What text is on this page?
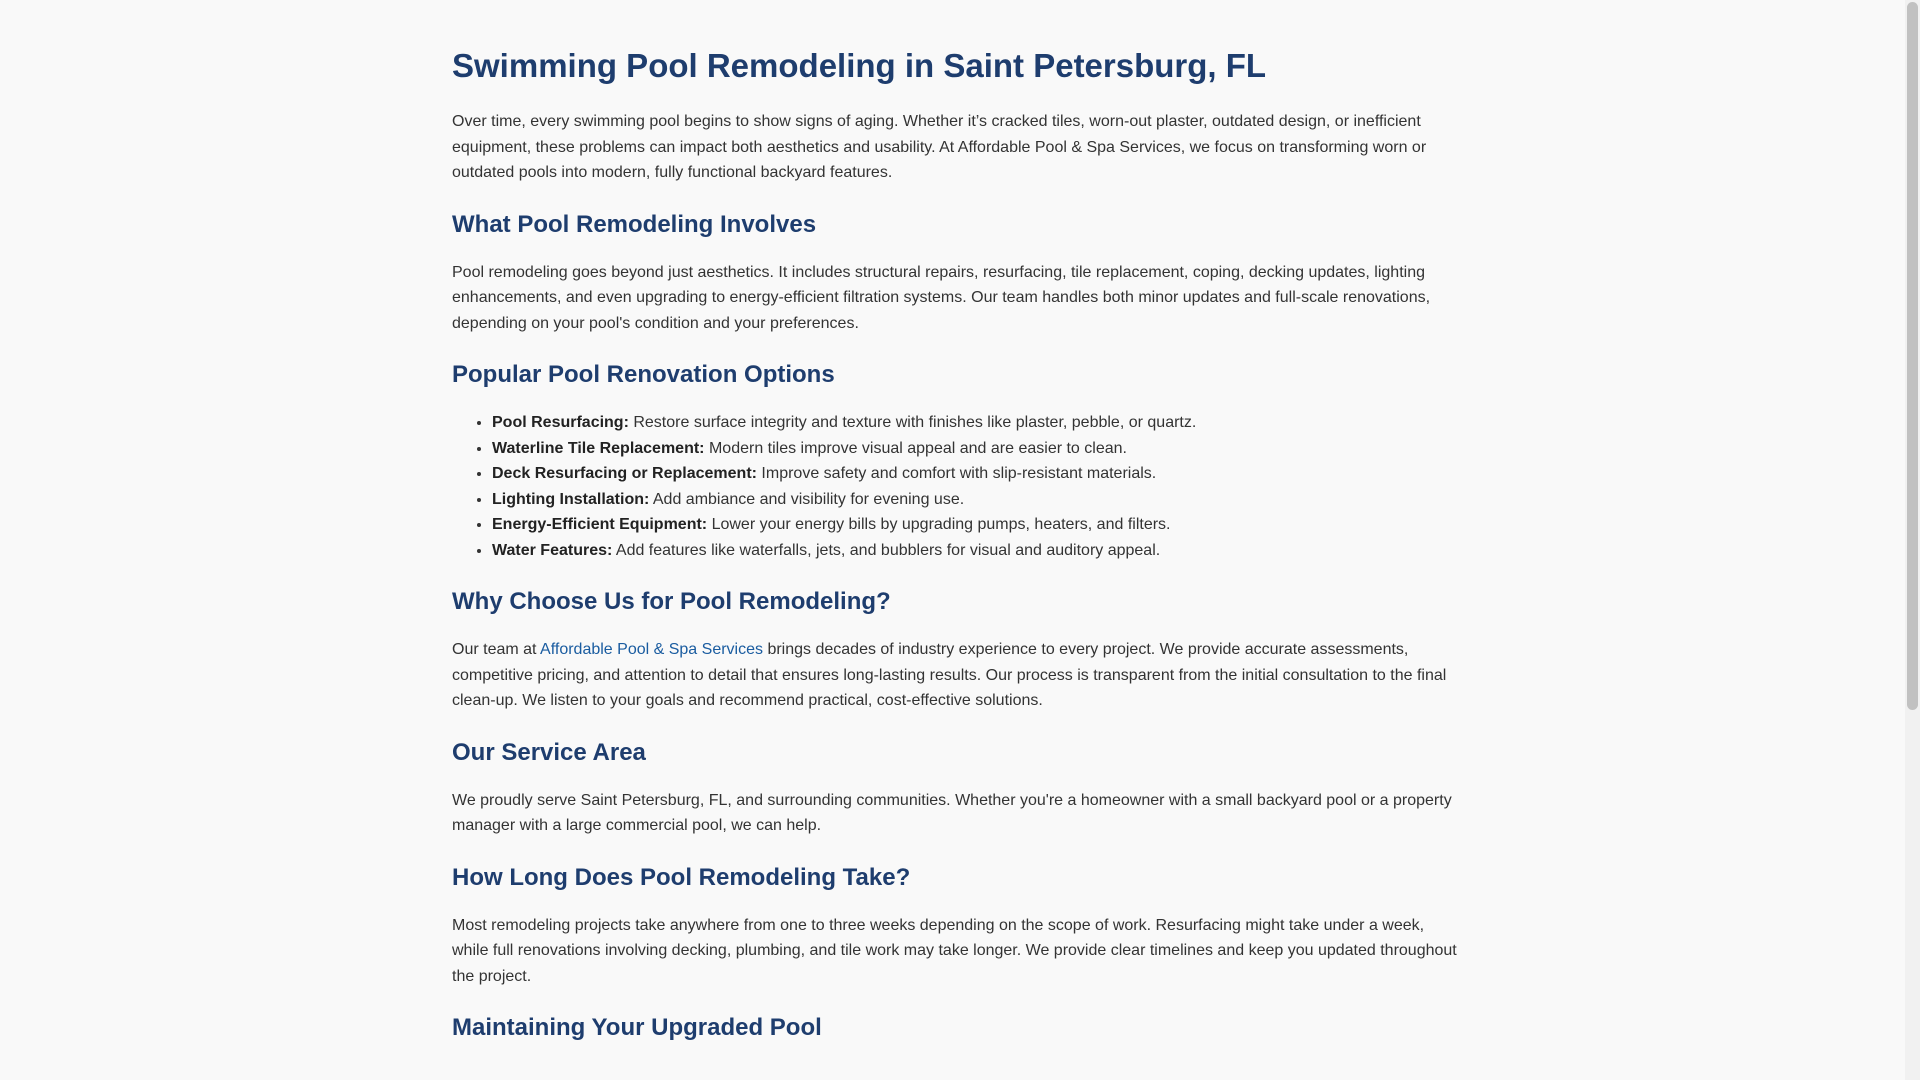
Swimming Pool Remodeling in Saint Petersburg, FL

Over time, every swimming pool begins to show signs of aging. Whether it’s cracked tiles, worn-out plaster, outdated design, or inefficient equipment, these problems can impact both aesthetics and usability. At Affordable Pool & Spa Services, we focus on transforming worn or outdated pools into modern, fully functional backyard features.

What Pool Remodeling Involves

Pool remodeling goes beyond just aesthetics. It includes structural repairs, resurfacing, tile replacement, coping, decking updates, lighting enhancements, and even upgrading to energy-efficient filtration systems. Our team handles both minor updates and full-scale renovations, depending on your pool's condition and your preferences.

Popular Pool Renovation Options
• Pool Resurfacing: Restore surface integrity and texture with finishes like plaster, pebble, or quartz.
• Waterline Tile Replacement: Modern tiles improve visual appeal and are easier to clean.
• Deck Resurfacing or Replacement: Improve safety and comfort with slip-resistant materials.
• Lighting Installation: Add ambiance and visibility for evening use.
• Energy-Efficient Equipment: Lower your energy bills by upgrading pumps, heaters, and filters.
• Water Features: Add features like waterfalls, jets, and bubblers for visual and auditory appeal.
Why Choose Us for Pool Remodeling?

Our team at Affordable Pool & Spa Services brings decades of industry experience to every project. We provide accurate assessments, competitive pricing, and attention to detail that ensures long-lasting results. Our process is transparent from the initial consultation to the final clean-up. We listen to your goals and recommend practical, cost-effective solutions.

Our Service Area

We proudly serve Saint Petersburg, FL, and surrounding communities. Whether you're a homeowner with a small backyard pool or a property manager with a large commercial pool, we can help.

How Long Does Pool Remodeling Take?

Most remodeling projects take anywhere from one to three weeks depending on the scope of work. Resurfacing might take under a week, while full renovations involving decking, plumbing, and tile work may take longer. We provide clear timelines and keep you updated throughout the project.

Maintaining Your Upgraded Pool
